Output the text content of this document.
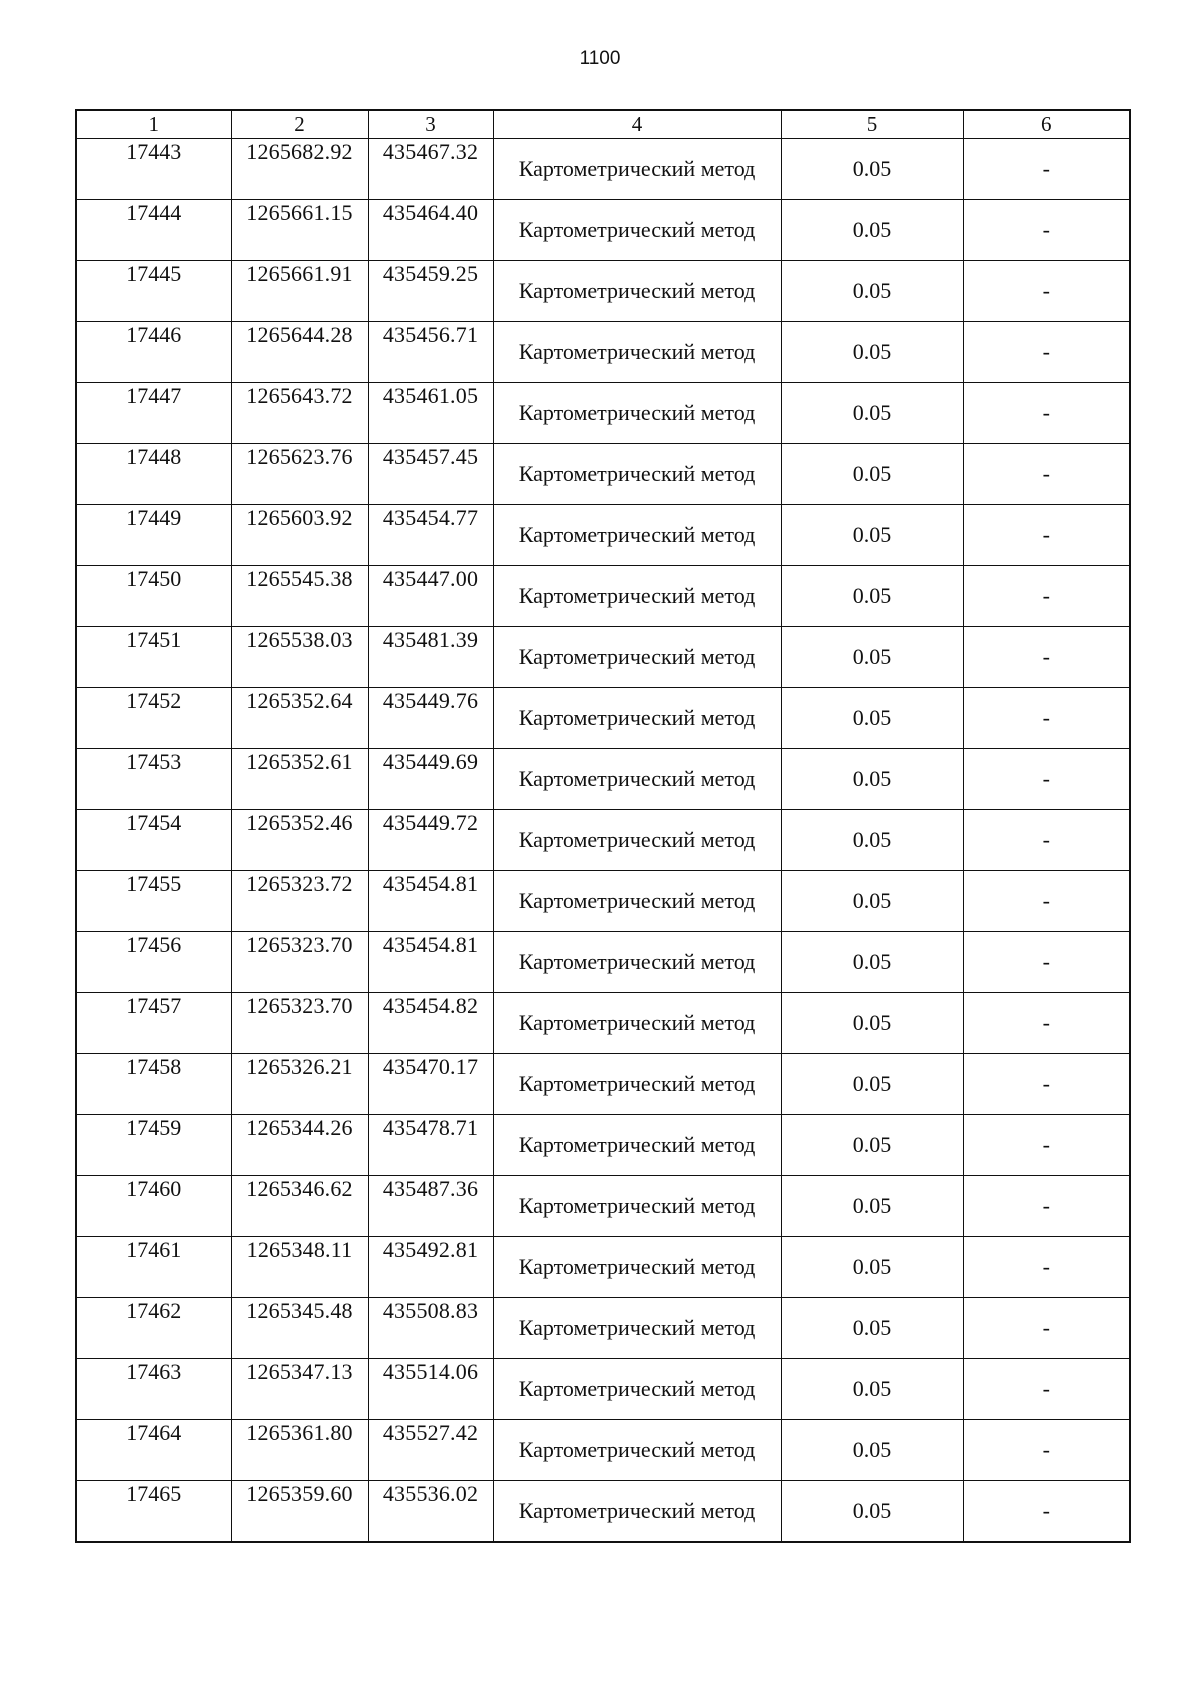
1100
1	2	3	4	5	6
17443	1265682.92	435467.32	Картометрический метод	0.05	-
17444	1265661.15	435464.40	Картометрический метод	0.05	-
17445	1265661.91	435459.25	Картометрический метод	0.05	-
17446	1265644.28	435456.71	Картометрический метод	0.05	-
17447	1265643.72	435461.05	Картометрический метод	0.05	-
17448	1265623.76	435457.45	Картометрический метод	0.05	-
17449	1265603.92	435454.77	Картометрический метод	0.05	-
17450	1265545.38	435447.00	Картометрический метод	0.05	-
17451	1265538.03	435481.39	Картометрический метод	0.05	-
17452	1265352.64	435449.76	Картометрический метод	0.05	-
17453	1265352.61	435449.69	Картометрический метод	0.05	-
17454	1265352.46	435449.72	Картометрический метод	0.05	-
17455	1265323.72	435454.81	Картометрический метод	0.05	-
17456	1265323.70	435454.81	Картометрический метод	0.05	-
17457	1265323.70	435454.82	Картометрический метод	0.05	-
17458	1265326.21	435470.17	Картометрический метод	0.05	-
17459	1265344.26	435478.71	Картометрический метод	0.05	-
17460	1265346.62	435487.36	Картометрический метод	0.05	-
17461	1265348.11	435492.81	Картометрический метод	0.05	-
17462	1265345.48	435508.83	Картометрический метод	0.05	-
17463	1265347.13	435514.06	Картометрический метод	0.05	-
17464	1265361.80	435527.42	Картометрический метод	0.05	-
17465	1265359.60	435536.02	Картометрический метод	0.05	-
